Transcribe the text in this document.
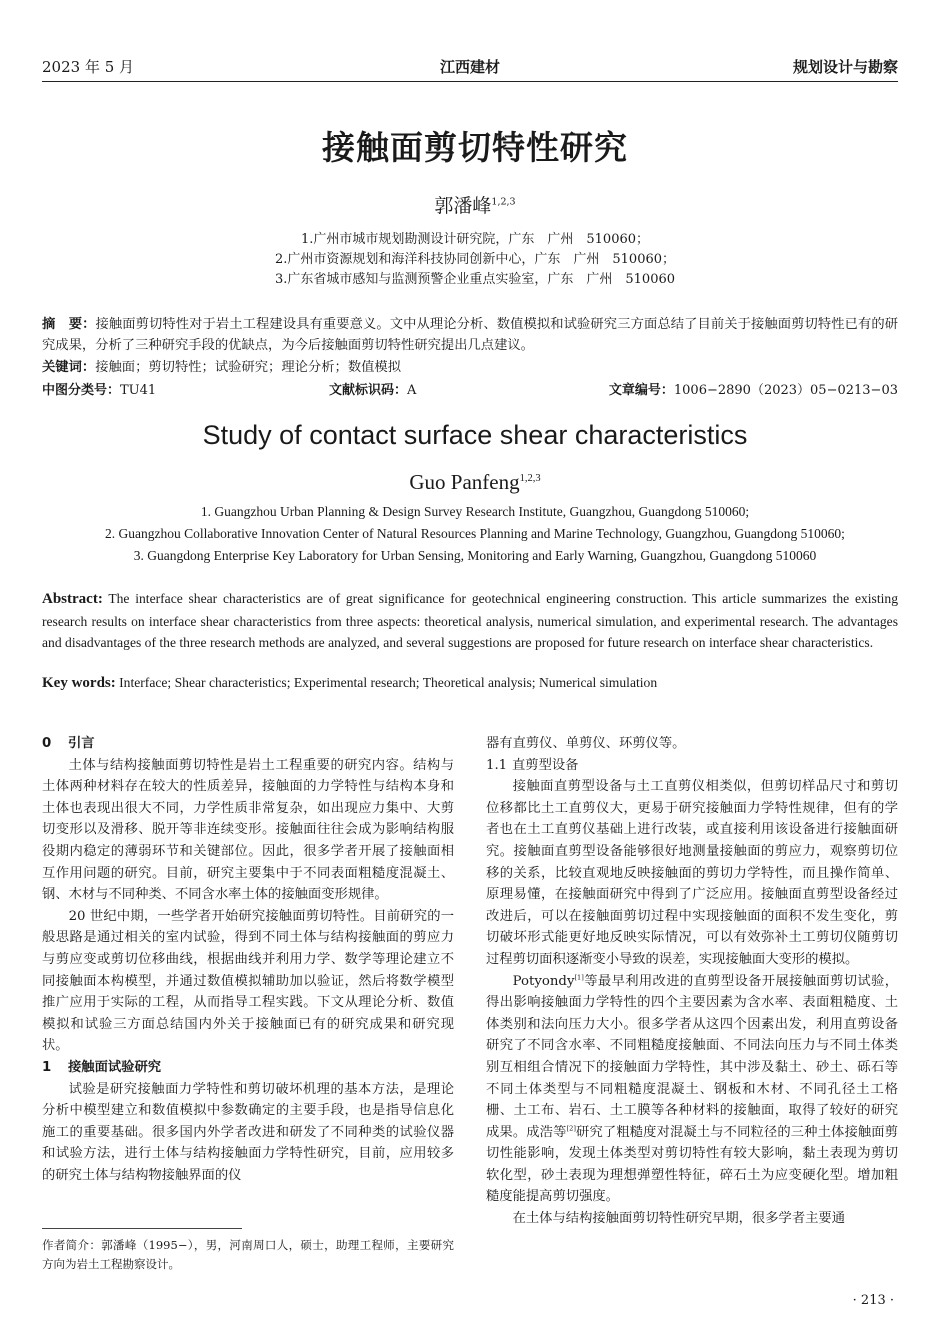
2023 年 5 月	江西建材	规划设计与勘察
接触面剪切特性研究
郭潘峰$^{1,2,3}$
1.广州市城市规划勘测设计研究院，广东　广州　510060；
2.广州市资源规划和海洋科技协同创新中心，广东　广州　510060；
3.广东省城市感知与监测预警企业重点实验室，广东　广州　510060
摘　要：接触面剪切特性对于岩土工程建设具有重要意义。文中从理论分析、数值模拟和试验研究三方面总结了目前关于接触面剪切特性已有的研究成果，分析了三种研究手段的优缺点，为今后接触面剪切特性研究提出几点建议。
关键词：接触面；剪切特性；试验研究；理论分析；数值模拟
中图分类号：TU41	文献标识码：A	文章编号：1006−2890（2023）05−0213−03
Study of contact surface shear characteristics
Guo Panfeng$^{1,2,3}$
1. Guangzhou Urban Planning & Design Survey Research Institute, Guangzhou, Guangdong 510060;
2. Guangzhou Collaborative Innovation Center of Natural Resources Planning and Marine Technology, Guangzhou, Guangdong 510060;
3. Guangdong Enterprise Key Laboratory for Urban Sensing, Monitoring and Early Warning, Guangzhou, Guangdong 510060
Abstract: The interface shear characteristics are of great significance for geotechnical engineering construction. This article summarizes the existing research results on interface shear characteristics from three aspects: theoretical analysis, numerical simulation, and experimental research. The advantages and disadvantages of the three research methods are analyzed, and several suggestions are proposed for future research on interface shear characteristics.
Key words: Interface; Shear characteristics; Experimental research; Theoretical analysis; Numerical simulation
0 引言

土体与结构接触面剪切特性是岩土工程重要的研究内容。结构与土体两种材料存在较大的性质差异，接触面的力学特性与结构本身和土体也表现出很大不同，力学性质非常复杂，如出现应力集中、大剪切变形以及滑移、脱开等非连续变形。接触面往往会成为影响结构服役期内稳定的薄弱环节和关键部位。因此，很多学者开展了接触面相互作用问题的研究。目前，研究主要集中于不同表面粗糙度混凝土、钢、木材与不同种类、不同含水率土体的接触面变形规律。

20 世纪中期，一些学者开始研究接触面剪切特性。目前研究的一般思路是通过相关的室内试验，得到不同土体与结构接触面的剪应力与剪应变或剪切位移曲线，根据曲线并利用力学、数学等理论建立不同接触面本构模型，并通过数值模拟辅助加以验证，然后将数学模型推广应用于实际的工程，从而指导工程实践。下文从理论分析、数值模拟和试验三方面总结国内外关于接触面已有的研究成果和研究现状。

1 接触面试验研究

试验是研究接触面力学特性和剪切破坏机理的基本方法，是理论分析中模型建立和数值模拟中参数确定的主要手段，也是指导信息化施工的重要基础。很多国内外学者改进和研发了不同种类的试验仪器和试验方法，进行土体与结构接触面力学特性研究，目前，应用较多的研究土体与结构物接触界面的仪

器有直剪仪、单剪仪、环剪仪等。

1.1 直剪型设备

接触面直剪型设备与土工直剪仪相类似，但剪切样品尺寸和剪切位移都比土工直剪仪大，更易于研究接触面力学特性规律，但有的学者也在土工直剪仪基础上进行改装，或直接利用该设备进行接触面研究。接触面直剪型设备能够很好地测量接触面的剪应力，观察剪切位移的关系，比较直观地反映接触面的剪切力学特性，而且操作简单、原理易懂，在接触面研究中得到了广泛应用。接触面直剪型设备经过改进后，可以在接触面剪切过程中实现接触面的面积不发生变化，剪切破坏形式能更好地反映实际情况，可以有效弥补土工剪切仪随剪切过程剪切面积逐渐变小导致的误差，实现接触面大变形的模拟。

Potyondy[1]等最早利用改进的直剪型设备开展接触面剪切试验，得出影响接触面力学特性的四个主要因素为含水率、表面粗糙度、土体类别和法向压力大小。很多学者从这四个因素出发，利用直剪设备研究了不同含水率、不同粗糙度接触面、不同法向压力与不同土体类别互相组合情况下的接触面力学特性，其中涉及黏土、砂土、砾石等不同土体类型与不同粗糙度混凝土、钢板和木材、不同孔径土工格栅、土工布、岩石、土工膜等各种材料的接触面，取得了较好的研究成果。成浩等[2]研究了粗糙度对混凝土与不同粒径的三种土体接触面剪切性能影响，发现土体类型对剪切特性有较大影响，黏土表现为剪切软化型，砂土表现为理想弹塑性特征，碎石土为应变硬化型。增加粗糙度能提高剪切强度。

在土体与结构接触面剪切特性研究早期，很多学者主要通

作者简介：郭潘峰（1995−），男，河南周口人，硕士，助理工程师，主要研究方向为岩土工程勘察设计。
· 213 ·
